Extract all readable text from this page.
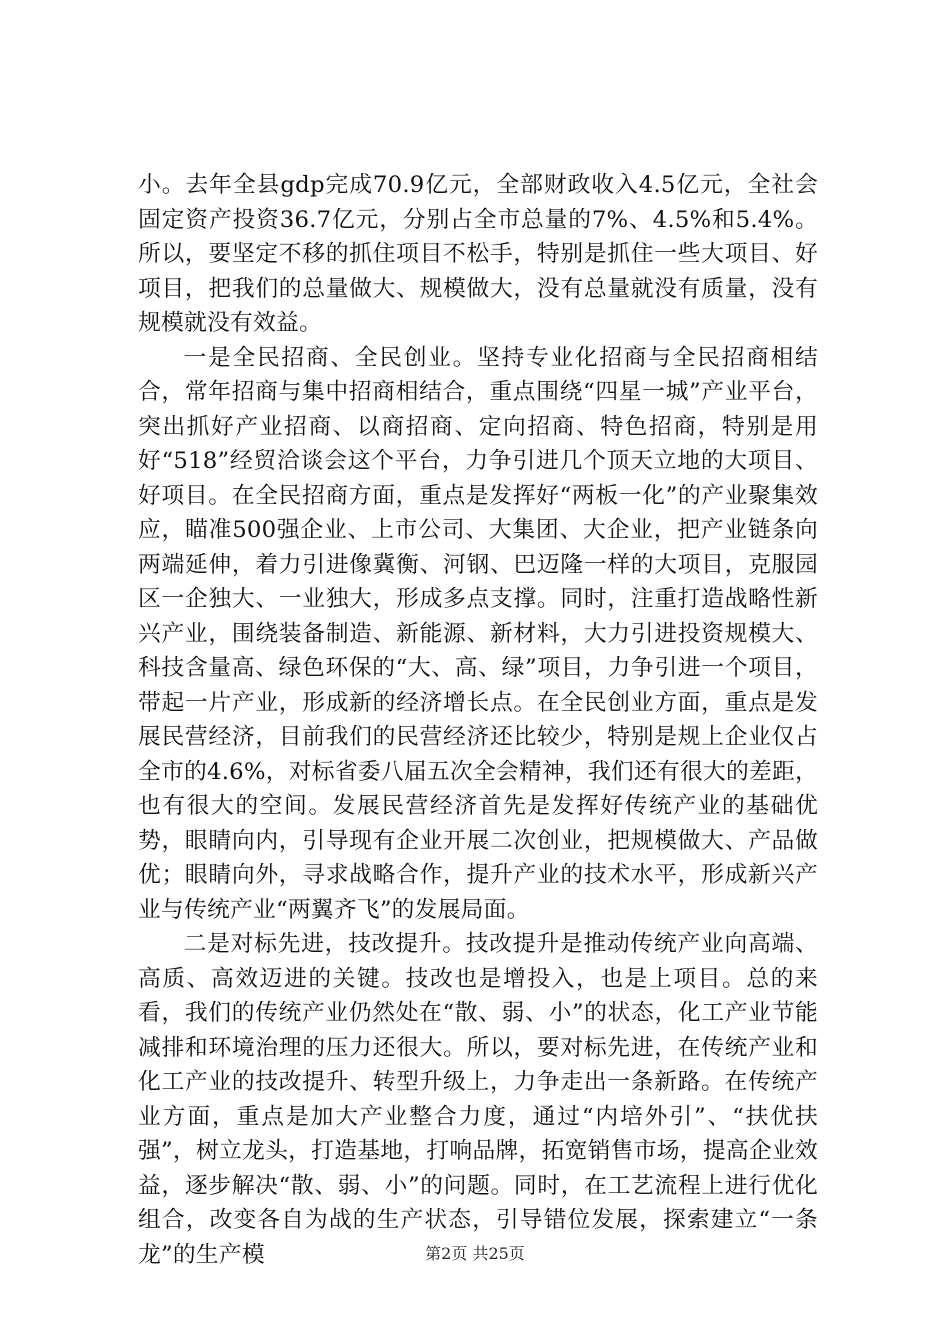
小。去年全县gdp完成70.9亿元，全部财政收入4.5亿元，全社会固定资产投资36.7亿元，分别占全市总量的7%、4.5%和5.4%。所以，要坚定不移的抓住项目不松手，特别是抓住一些大项目、好项目，把我们的总量做大、规模做大，没有总量就没有质量，没有规模就没有效益。

一是全民招商、全民创业。坚持专业化招商与全民招商相结合，常年招商与集中招商相结合，重点围绕“四星一城”产业平台，突出抓好产业招商、以商招商、定向招商、特色招商，特别是用好“518”经贸洽谈会这个平台，力争引进几个顶天立地的大项目、好项目。在全民招商方面，重点是发挥好“两板一化”的产业聚集效应，瞄准500强企业、上市公司、大集团、大企业，把产业链条向两端延伸，着力引进像冀衡、河钢、巴迈隆一样的大项目，克服园区一企独大、一业独大，形成多点支撑。同时，注重打造战略性新兴产业，围绕装备制造、新能源、新材料，大力引进投资规模大、科技含量高、绿色环保的“大、高、绿”项目，力争引进一个项目，带起一片产业，形成新的经济增长点。在全民创业方面，重点是发展民营经济，目前我们的民营经济还比较少，特别是规上企业仅占全市的4.6%，对标省委八届五次全会精神，我们还有很大的差距，也有很大的空间。发展民营经济首先是发挥好传统产业的基础优势，眼睛向内，引导现有企业开展二次创业，把规模做大、产品做优；眼睛向外，寻求战略合作，提升产业的技术水平，形成新兴产业与传统产业“两翼齐飞”的发展局面。

二是对标先进，技改提升。技改提升是推动传统产业向高端、高质、高效迈进的关键。技改也是增投入，也是上项目。总的来看，我们的传统产业仍然处在“散、弱、小”的状态，化工产业节能减排和环境治理的压力还很大。所以，要对标先进，在传统产业和化工产业的技改提升、转型升级上，力争走出一条新路。在传统产业方面，重点是加大产业整合力度，通过“内培外引”、“扶优扶强”，树立龙头，打造基地，打响品牌，拓宽销售市场，提高企业效益，逐步解决“散、弱、小”的问题。同时，在工艺流程上进行优化组合，改变各自为战的生产状态，引导错位发展，探索建立“一条龙”的生产模	第2页 共25页
